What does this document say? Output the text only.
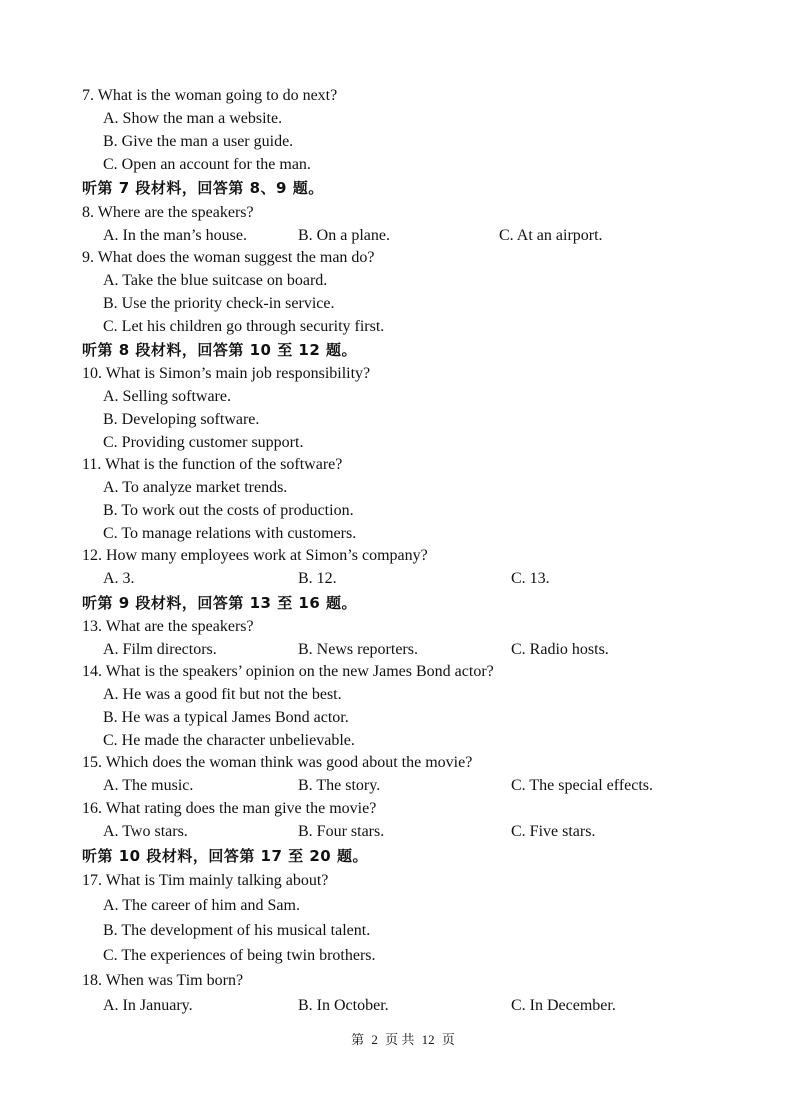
7. What is the woman going to do next?
A. Show the man a website.
B. Give the man a user guide.
C. Open an account for the man.
听第 7 段材料，回答第 8、9 题。
8. Where are the speakers?
A. In the man’s house.	B. On a plane.	C. At an airport.
9. What does the woman suggest the man do?
A. Take the blue suitcase on board.
B. Use the priority check-in service.
C. Let his children go through security first.
听第 8 段材料，回答第 10 至 12 题。
10. What is Simon’s main job responsibility?
A. Selling software.
B. Developing software.
C. Providing customer support.
11. What is the function of the software?
A. To analyze market trends.
B. To work out the costs of production.
C. To manage relations with customers.
12. How many employees work at Simon’s company?
A. 3.	B. 12.	C. 13.
听第 9 段材料，回答第 13 至 16 题。
13. What are the speakers?
A. Film directors.	B. News reporters.	C. Radio hosts.
14. What is the speakers’ opinion on the new James Bond actor?
A. He was a good fit but not the best.
B. He was a typical James Bond actor.
C. He made the character unbelievable.
15. Which does the woman think was good about the movie?
A. The music.	B. The story.	C. The special effects.
16. What rating does the man give the movie?
A. Two stars.	B. Four stars.	C. Five stars.
听第 10 段材料，回答第 17 至 20 题。
17. What is Tim mainly talking about?
A. The career of him and Sam.
B. The development of his musical talent.
C. The experiences of being twin brothers.
18. When was Tim born?
A. In January.	B. In October.	C. In December.
第 2 页 共 12 页
